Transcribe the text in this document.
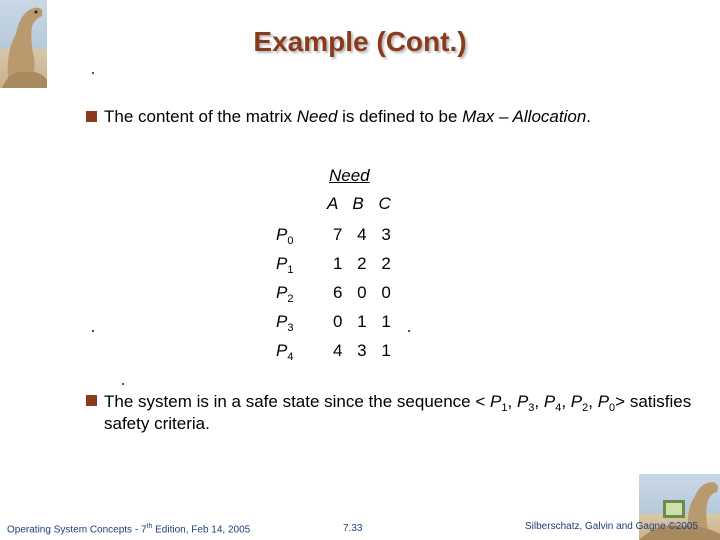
Example (Cont.)
The content of the matrix Need is defined to be Max – Allocation.
Need
A B C
$P_0$ 7 4 3
$P_1$ 1 2 2
$P_2$ 6 0 0
$P_3$ 0 1 1
$P_4$ 4 3 1
The system is in a safe state since the sequence < $P_1$, $P_3$, $P_4$, $P_2$, $P_0>$ satisfies safety criteria.
Operating System Concepts - 7th Edition, Feb 14, 2005	7.33	Silberschatz, Galvin and Gagne ©2005
